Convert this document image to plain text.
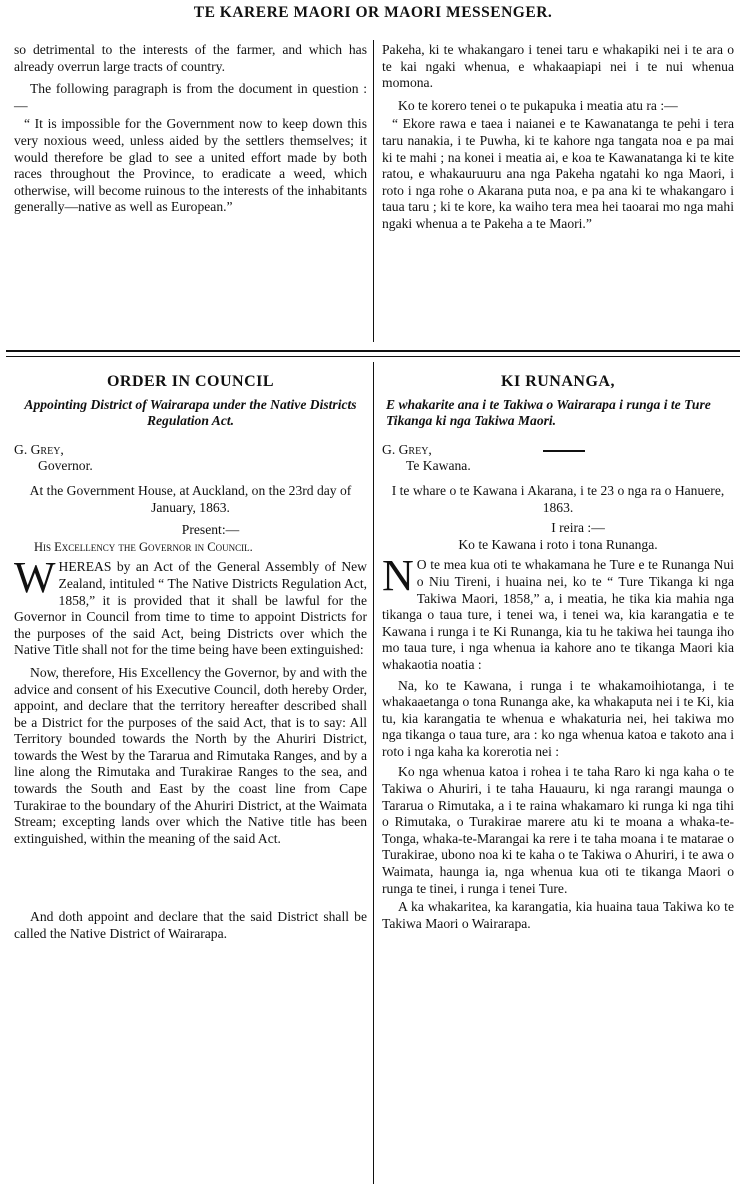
TE KARERE MAORI OR MAORI MESSENGER.

so detrimental to the interests of the farmer, and which has already overrun large tracts of country.

The following paragraph is from the document in question :—

“ It is impossible for the Government now to keep down this very noxious weed, unless aided by the settlers themselves; it would therefore be glad to see a united effort made by both races throughout the Province, to eradicate a weed, which otherwise, will become ruinous to the interests of the inhabitants generally—native as well as European.”

Pakeha, ki te whakangaro i tenei taru e whakapiki nei i te ara o te kai ngaki whenua, e whakaapiapi nei i te nui whenua momona.

Ko te korero tenei o te pukapuka i meatia atu ra :—

“ Ekore rawa e taea i naianei e te Kawanatanga te pehi i tera taru nanakia, i te Puwha, ki te kahore nga tangata noa e pa mai ki te mahi ; na konei i meatia ai, e koa te Kawanatanga ki te kite ratou, e whakauruuru ana nga Pakeha ngatahi ko nga Maori, i roto i nga rohe o Akarana puta noa, e pa ana ki te whakangaro i taua taru ; ki te kore, ka waiho tera mea hei taoarai mo nga mahi ngaki whenua a te Pakeha a te Maori.”

ORDER IN COUNCIL
Appointing District of Wairarapa under the Native Districts Regulation Act.
G. Grey,
Governor.

At the Government House, at Auckland, on the 23rd day of January, 1863.

Present:—
His Excellency the Governor in Council.
W HEREAS by an Act of the General Assembly of New Zealand, intituled “ The Native Districts Regulation Act, 1858,” it is provided that it shall be lawful for the Governor in Council from time to time to appoint Districts for the purposes of the said Act, being Districts over which the Native Title shall not for the time being have been extinguished:

Now, therefore, His Excellency the Governor, by and with the advice and consent of his Executive Council, doth hereby Order, appoint, and declare that the territory hereafter described shall be a District for the purposes of the said Act, that is to say: All Territory bounded towards the North by the Ahuriri District, towards the West by the Tararua and Rimutaka Ranges, and by a line along the Rimutaka and Turakirae Ranges to the sea, and towards the South and East by the coast line from Cape Turakirae to the boundary of the Ahuriri District, at the Waimata Stream; excepting lands over which the Native title has been extinguished, within the meaning of the said Act.

And doth appoint and declare that the said District shall be called the Native District of Wairarapa.

KI RUNANGA,
E whakarite ana i te Takiwa o Wairarapa i runga i te Ture Tikanga ki nga Takiwa Maori.
G. Grey,
Te Kawana.

I te whare o te Kawana i Akarana, i te 23 o nga ra o Hanuere, 1863.

I reira :—
Ko te Kawana i roto i tona Runanga.
N O te mea kua oti te whakamana he Ture e te Runanga Nui o Niu Tireni, i huaina nei, ko te “ Ture Tikanga ki nga Takiwa Maori, 1858,” a, i meatia, he tika kia mahia nga tikanga o taua ture, i tenei wa, i tenei wa, kia karangatia e te Kawana i runga i te Ki Runanga, kia tu he takiwa hei taunga iho mo taua ture, i nga whenua ia kahore ano te tikanga Maori kia whakaotia noatia :

Na, ko te Kawana, i runga i te whakamoihiotanga, i te whakaaetanga o tona Runanga ake, ka whakaputa nei i te Ki, kia tu, kia karangatia te whenua e whakaturia nei, hei takiwa mo nga tikanga o taua ture, ara : ko nga whenua katoa e takoto ana i roto i nga kaha ka korerotia nei :

Ko nga whenua katoa i rohea i te taha Raro ki nga kaha o te Takiwa o Ahuriri, i te taha Hauauru, ki nga rarangi maunga o Tararua o Rimutaka, a i te raina whakamaro ki runga ki nga tihi o Rimutaka, o Turakirae marere atu ki te moana a whaka-te-Tonga, whaka-te-Marangai ka rere i te taha moana i te matarae o Turakirae, ubono noa ki te kaha o te Takiwa o Ahuriri, i te awa o Waimata, haunga ia, nga whenua kua oti te tikanga Maori o runga te tinei, i runga i tenei Ture.

A ka whakaritea, ka karangatia, kia huaina taua Takiwa ko te Takiwa Maori o Wairarapa.
